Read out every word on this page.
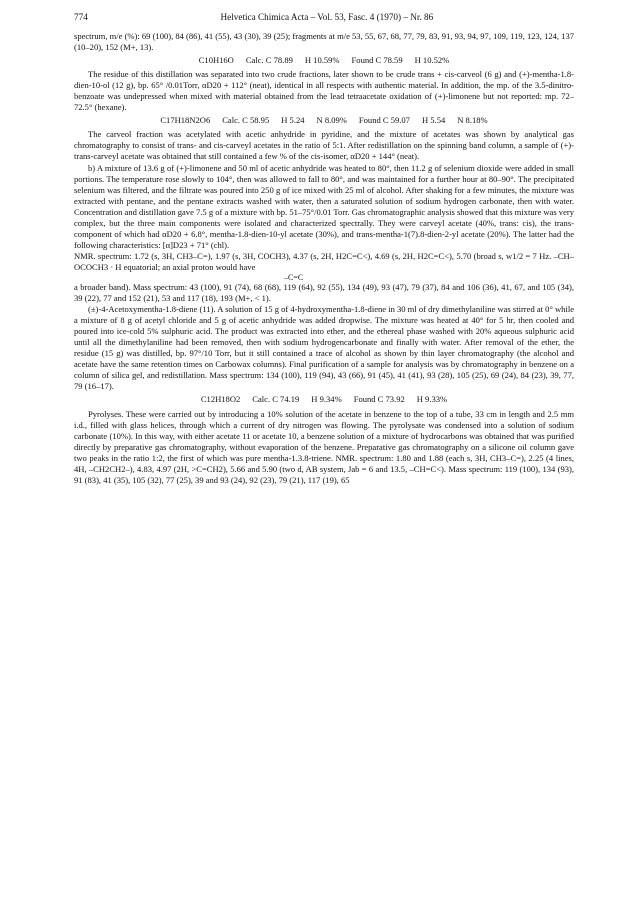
774	Helvetica Chimica Acta – Vol. 53, Fasc. 4 (1970) – Nr. 86

spectrum, m/e (%): 69 (100), 84 (86), 41 (55), 43 (30), 39 (25); fragments at m/e 53, 55, 67, 68, 77, 79, 83, 91, 93, 94, 97, 109, 119, 123, 124, 137 (10–20), 152 (M+, 13).

C10H16O Calc. C 78.89 H 10.59% Found C 78.59 H 10.52%

The residue of this distillation was separated into two crude fractions, later shown to be crude trans + cis-carveol (6 g) and (+)-mentha-1.8-dien-10-ol (12 g), bp. 65° /0.01Torr, αD20 + 112° (neat), identical in all respects with authentic material. In addition, the mp. of the 3.5-dinitro-benzoate was undepressed when mixed with material obtained from the lead tetraacetate oxidation of (+)-limonene but not reported: mp. 72–72.5° (hexane).

C17H18N2O6 Calc. C 58.95 H 5.24 N 8.09% Found C 59.07 H 5.54 N 8.18%

The carveol fraction was acetylated with acetic anhydride in pyridine, and the mixture of acetates was shown by analytical gas chromatography to consist of trans- and cis-carveyl acetates in the ratio of 5:1. After redistillation on the spinning band column, a sample of (+)-trans-carveyl acetate was obtained that still contained a few % of the cis-isomer, αD20 + 144° (neat).

b) A mixture of 13.6 g of (+)-limonene and 50 ml of acetic anhydride was heated to 80°, then 11.2 g of selenium dioxide were added in small portions. The temperature rose slowly to 104°, then was allowed to fall to 80°, and was maintained for a further hour at 80–90°. The precipitated selenium was filtered, and the filtrate was poured into 250 g of ice mixed with 25 ml of alcohol. After shaking for a few minutes, the mixture was extracted with pentane, and the pentane extracts washed with water, then a saturated solution of sodium hydrogen carbonate, then with water. Concentration and distillation gave 7.5 g of a mixture with bp. 51–75°/0.01 Torr. Gas chromatographic analysis showed that this mixture was very complex, but the three main components were isolated and characterized spectrally. They were carveyl acetate (40%, trans: cis), the trans-component of which had αD20 + 6.8°, mentha-1.8-dien-10-yl acetate (30%), and trans-mentha-1(7).8-dien-2-yl acetate (20%). The latter had the following characteristics: [α]D23 + 71° (chl).

NMR. spectrum: 1.72 (s, 3H, CH3–C=), 1.97 (s, 3H, COCH3), 4.37 (s, 2H, H2C=C<), 4.69 (s, 2H, H2C=C<), 5.70 (broad s, w1/2 = 7 Hz. –CH–OCOCH3 · H equatorial; an axial proton would have

–C=C

a broader band). Mass spectrum: 43 (100), 91 (74), 68 (68), 119 (64), 92 (55), 134 (49), 93 (47), 79 (37), 84 and 106 (36), 41, 67, and 105 (34), 39 (22), 77 and 152 (21), 53 and 117 (18), 193 (M+, < 1).

(±)-4-Acetoxymentha-1.8-diene (11). A solution of 15 g of 4-hydroxymentha-1.8-diene in 30 ml of dry dimethylaniline was stirred at 0° while a mixture of 8 g of acetyl chloride and 5 g of acetic anhydride was added dropwise. The mixture was heated at 40° for 5 hr, then cooled and poured into ice-cold 5% sulphuric acid. The product was extracted into ether, and the ethereal phase washed with 20% aqueous sulphuric acid until all the dimethylaniline had been removed, then with sodium hydrogencarbonate and finally with water. After removal of the ether, the residue (15 g) was distilled, bp. 97°/10 Torr, but it still contained a trace of alcohol as shown by thin layer chromatography (the alcohol and acetate have the same retention times on Carbowax columns). Final purification of a sample for analysis was by chromatography in benzene on a column of silica gel, and redistillation. Mass spectrum: 134 (100), 119 (94), 43 (66), 91 (45), 41 (41), 93 (28), 105 (25), 69 (24), 84 (23), 39, 77, 79 (16–17).

C12H18O2 Calc. C 74.19 H 9.34% Found C 73.92 H 9.33%

Pyrolyses. These were carried out by introducing a 10% solution of the acetate in benzene to the top of a tube, 33 cm in length and 2.5 mm i.d., filled with glass helices, through which a current of dry nitrogen was flowing. The pyrolysate was condensed into a solution of sodium carbonate (10%). In this way, with either acetate 11 or acetate 10, a benzene solution of a mixture of hydrocarbons was obtained that was purified directly by preparative gas chromatography, without evaporation of the benzene. Preparative gas chromatography on a silicone oil column gave two peaks in the ratio 1:2, the first of which was pure mentha-1.3.8-triene. NMR. spectrum: 1.80 and 1.88 (each s, 3H, CH3–C=), 2.25 (4 lines, 4H, –CH2CH2–), 4.83, 4.97 (2H, >C=CH2), 5.66 and 5.90 (two d, AB system, Jab = 6 and 13.5, –CH=C<). Mass spectrum: 119 (100), 134 (93), 91 (83), 41 (35), 105 (32), 77 (25), 39 and 93 (24), 92 (23), 79 (21), 117 (19), 65
